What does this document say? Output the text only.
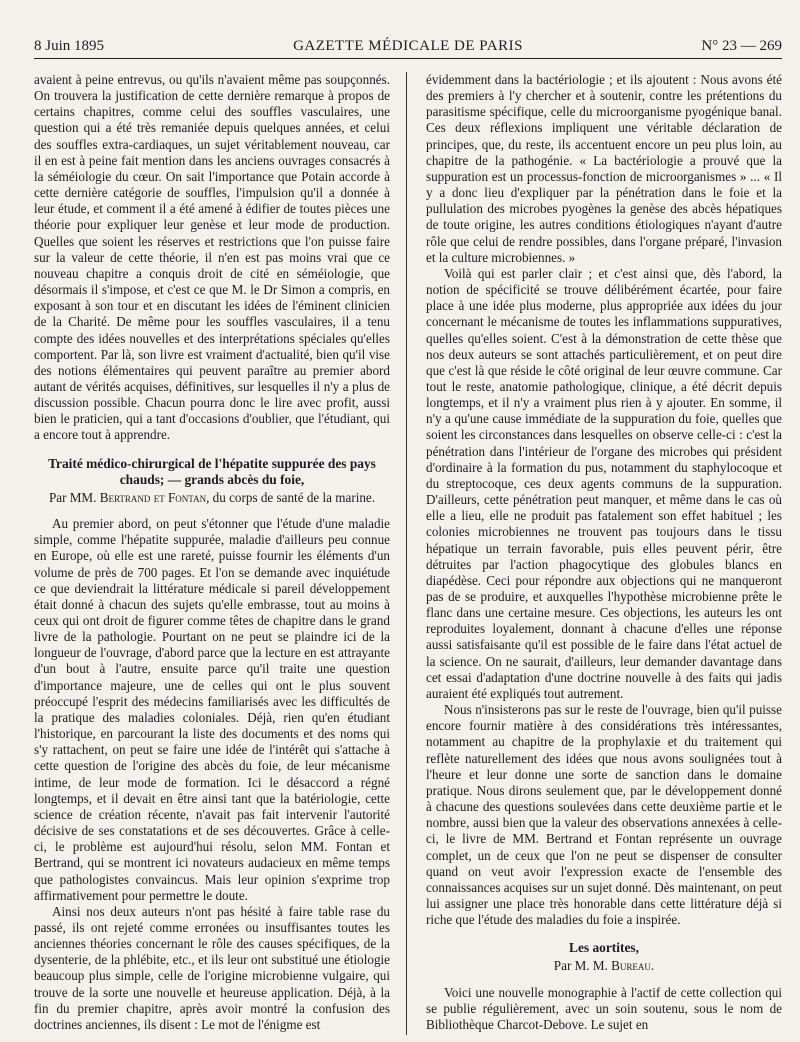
8 Juin 1895	GAZETTE MÉDICALE DE PARIS	N° 23 — 269

avaient à peine entrevus, ou qu'ils n'avaient même pas soupçonnés. On trouvera la justification de cette dernière remarque à propos de certains chapitres, comme celui des souffles vasculaires, une question qui a été très remaniée depuis quelques années, et celui des souffles extra-cardiaques, un sujet véritablement nouveau, car il en est à peine fait mention dans les anciens ouvrages consacrés à la séméiologie du cœur. On sait l'importance que Potain accorde à cette dernière catégorie de souffles, l'impulsion qu'il a donnée à leur étude, et comment il a été amené à édifier de toutes pièces une théorie pour expliquer leur genèse et leur mode de production. Quelles que soient les réserves et restrictions que l'on puisse faire sur la valeur de cette théorie, il n'en est pas moins vrai que ce nouveau chapitre a conquis droit de cité en séméiologie, que désormais il s'impose, et c'est ce que M. le Dr Simon a compris, en exposant à son tour et en discutant les idées de l'éminent clinicien de la Charité. De même pour les souffles vasculaires, il a tenu compte des idées nouvelles et des interprétations spéciales qu'elles comportent. Par là, son livre est vraiment d'actualité, bien qu'il vise des notions élémentaires qui peuvent paraître au premier abord autant de vérités acquises, définitives, sur lesquelles il n'y a plus de discussion possible. Chacun pourra donc le lire avec profit, aussi bien le praticien, qui a tant d'occasions d'oublier, que l'étudiant, qui a encore tout à apprendre.

Traité médico-chirurgical de l'hépatite suppurée des pays chauds; — grands abcès du foie,
Par MM. Bertrand et Fontan, du corps de santé de la marine.

Au premier abord, on peut s'étonner que l'étude d'une maladie simple, comme l'hépatite suppurée, maladie d'ailleurs peu connue en Europe, où elle est une rareté, puisse fournir les éléments d'un volume de près de 700 pages. Et l'on se demande avec inquiétude ce que deviendrait la littérature médicale si pareil développement était donné à chacun des sujets qu'elle embrasse, tout au moins à ceux qui ont droit de figurer comme têtes de chapitre dans le grand livre de la pathologie. Pourtant on ne peut se plaindre ici de la longueur de l'ouvrage, d'abord parce que la lecture en est attrayante d'un bout à l'autre, ensuite parce qu'il traite une question d'importance majeure, une de celles qui ont le plus souvent préoccupé l'esprit des médecins familiarisés avec les difficultés de la pratique des maladies coloniales. Déjà, rien qu'en étudiant l'historique, en parcourant la liste des documents et des noms qui s'y rattachent, on peut se faire une idée de l'intérêt qui s'attache à cette question de l'origine des abcès du foie, de leur mécanisme intime, de leur mode de formation. Ici le désaccord a régné longtemps, et il devait en être ainsi tant que la batériologie, cette science de création récente, n'avait pas fait intervenir l'autorité décisive de ses constatations et de ses découvertes. Grâce à celle-ci, le problème est aujourd'hui résolu, selon MM. Fontan et Bertrand, qui se montrent ici novateurs audacieux en même temps que pathologistes convaincus. Mais leur opinion s'exprime trop affirmativement pour permettre le doute.

Ainsi nos deux auteurs n'ont pas hésité à faire table rase du passé, ils ont rejeté comme erronées ou insuffisantes toutes les anciennes théories concernant le rôle des causes spécifiques, de la dysenterie, de la phlébite, etc., et ils leur ont substitué une étiologie beaucoup plus simple, celle de l'origine microbienne vulgaire, qui trouve de la sorte une nouvelle et heureuse application. Déjà, à la fin du premier chapitre, après avoir montré la confusion des doctrines anciennes, ils disent : Le mot de l'énigme est

évidemment dans la bactériologie ; et ils ajoutent : Nous avons été des premiers à l'y chercher et à soutenir, contre les prétentions du parasitisme spécifique, celle du microorganisme pyogénique banal. Ces deux réflexions impliquent une véritable déclaration de principes, que, du reste, ils accentuent encore un peu plus loin, au chapitre de la pathogénie. « La bactériologie a prouvé que la suppuration est un processus-fonction de microorganismes » ... « Il y a donc lieu d'expliquer par la pénétration dans le foie et la pullulation des microbes pyogènes la genèse des abcès hépatiques de toute origine, les autres conditions étiologiques n'ayant d'autre rôle que celui de rendre possibles, dans l'organe préparé, l'invasion et la culture microbiennes. »

Voilà qui est parler clair ; et c'est ainsi que, dès l'abord, la notion de spécificité se trouve délibérément écartée, pour faire place à une idée plus moderne, plus appropriée aux idées du jour concernant le mécanisme de toutes les inflammations suppuratives, quelles qu'elles soient. C'est à la démonstration de cette thèse que nos deux auteurs se sont attachés particulièrement, et on peut dire que c'est là que réside le côté original de leur œuvre commune. Car tout le reste, anatomie pathologique, clinique, a été décrit depuis longtemps, et il n'y a vraiment plus rien à y ajouter. En somme, il n'y a qu'une cause immédiate de la suppuration du foie, quelles que soient les circonstances dans lesquelles on observe celle-ci : c'est la pénétration dans l'intérieur de l'organe des microbes qui président d'ordinaire à la formation du pus, notamment du staphylocoque et du streptocoque, ces deux agents communs de la suppuration. D'ailleurs, cette pénétration peut manquer, et même dans le cas où elle a lieu, elle ne produit pas fatalement son effet habituel ; les colonies microbiennes ne trouvent pas toujours dans le tissu hépatique un terrain favorable, puis elles peuvent périr, être détruites par l'action phagocytique des globules blancs en diapédèse. Ceci pour répondre aux objections qui ne manqueront pas de se produire, et auxquelles l'hypothèse microbienne prête le flanc dans une certaine mesure. Ces objections, les auteurs les ont reproduites loyalement, donnant à chacune d'elles une réponse aussi satisfaisante qu'il est possible de le faire dans l'état actuel de la science. On ne saurait, d'ailleurs, leur demander davantage dans cet essai d'adaptation d'une doctrine nouvelle à des faits qui jadis auraient été expliqués tout autrement.

Nous n'insisterons pas sur le reste de l'ouvrage, bien qu'il puisse encore fournir matière à des considérations très intéressantes, notamment au chapitre de la prophylaxie et du traitement qui reflète naturellement des idées que nous avons soulignées tout à l'heure et leur donne une sorte de sanction dans le domaine pratique. Nous dirons seulement que, par le développement donné à chacune des questions soulevées dans cette deuxième partie et le nombre, aussi bien que la valeur des observations annexées à celle-ci, le livre de MM. Bertrand et Fontan représente un ouvrage complet, un de ceux que l'on ne peut se dispenser de consulter quand on veut avoir l'expression exacte de l'ensemble des connaissances acquises sur un sujet donné. Dès maintenant, on peut lui assigner une place très honorable dans cette littérature déjà si riche que l'étude des maladies du foie a inspirée.

Les aortites,
Par M. M. Bureau.

Voici une nouvelle monographie à l'actif de cette collection qui se publie régulièrement, avec un soin soutenu, sous le nom de Bibliothèque Charcot-Debove. Le sujet en
